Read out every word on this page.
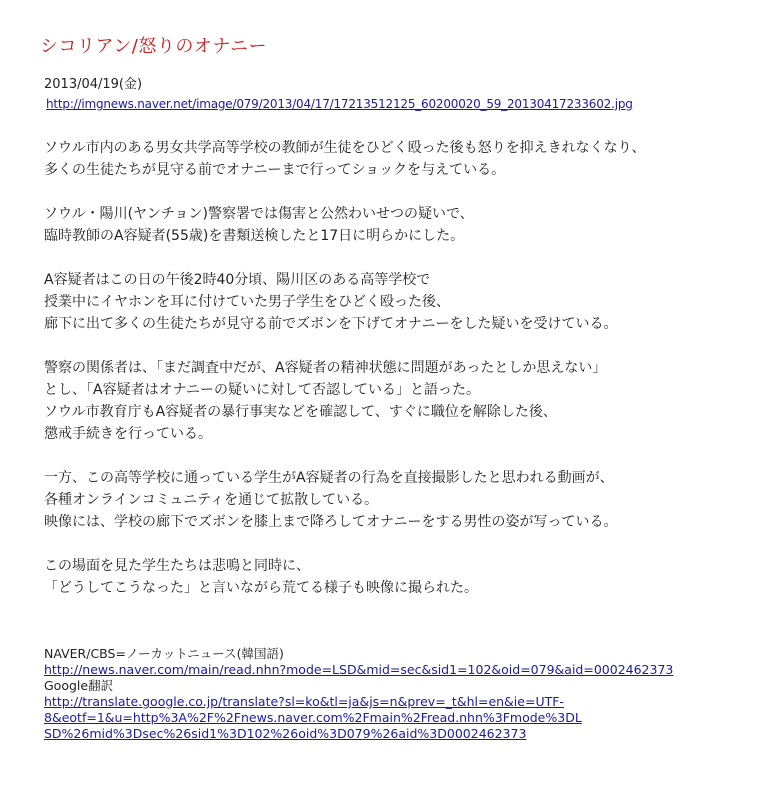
シコリアン/怒りのオナニー
2013/04/19(金)
http://imgnews.naver.net/image/079/2013/04/17/17213512125_60200020_59_20130417233602.jpg

ソウル市内のある男女共学高等学校の教師が生徒をひどく殴った後も怒りを抑えきれなくなり、
多くの生徒たちが見守る前でオナニーまで行ってショックを与えている。

ソウル・陽川(ヤンチョン)警察署では傷害と公然わいせつの疑いで、
臨時教師のA容疑者(55歳)を書類送検したと17日に明らかにした。

A容疑者はこの日の午後2時40分頃、陽川区のある高等学校で
授業中にイヤホンを耳に付けていた男子学生をひどく殴った後、
廊下に出て多くの生徒たちが見守る前でズボンを下げてオナニーをした疑いを受けている。

警察の関係者は、「まだ調査中だが、A容疑者の精神状態に問題があったとしか思えない」
とし、「A容疑者はオナニーの疑いに対して否認している」と語った。
ソウル市教育庁もA容疑者の暴行事実などを確認して、すぐに職位を解除した後、
懲戒手続きを行っている。

一方、この高等学校に通っている学生がA容疑者の行為を直接撮影したと思われる動画が、
各種オンラインコミュニティを通じて拡散している。
映像には、学校の廊下でズボンを膝上まで降ろしてオナニーをする男性の姿が写っている。

この場面を見た学生たちは悲鳴と同時に、
「どうしてこうなった」と言いながら荒てる様子も映像に撮られた。

NAVER/CBS=ノーカットニュース(韓国語)
http://news.naver.com/main/read.nhn?mode=LSD&mid=sec&sid1=102&oid=079&aid=0002462373
Google翻訳
http://translate.google.co.jp/translate?sl=ko&tl=ja&js=n&prev=_t&hl=en&ie=UTF-
8&eotf=1&u=http%3A%2F%2Fnews.naver.com%2Fmain%2Fread.nhn%3Fmode%3DL
SD%26mid%3Dsec%26sid1%3D102%26oid%3D079%26aid%3D0002462373
